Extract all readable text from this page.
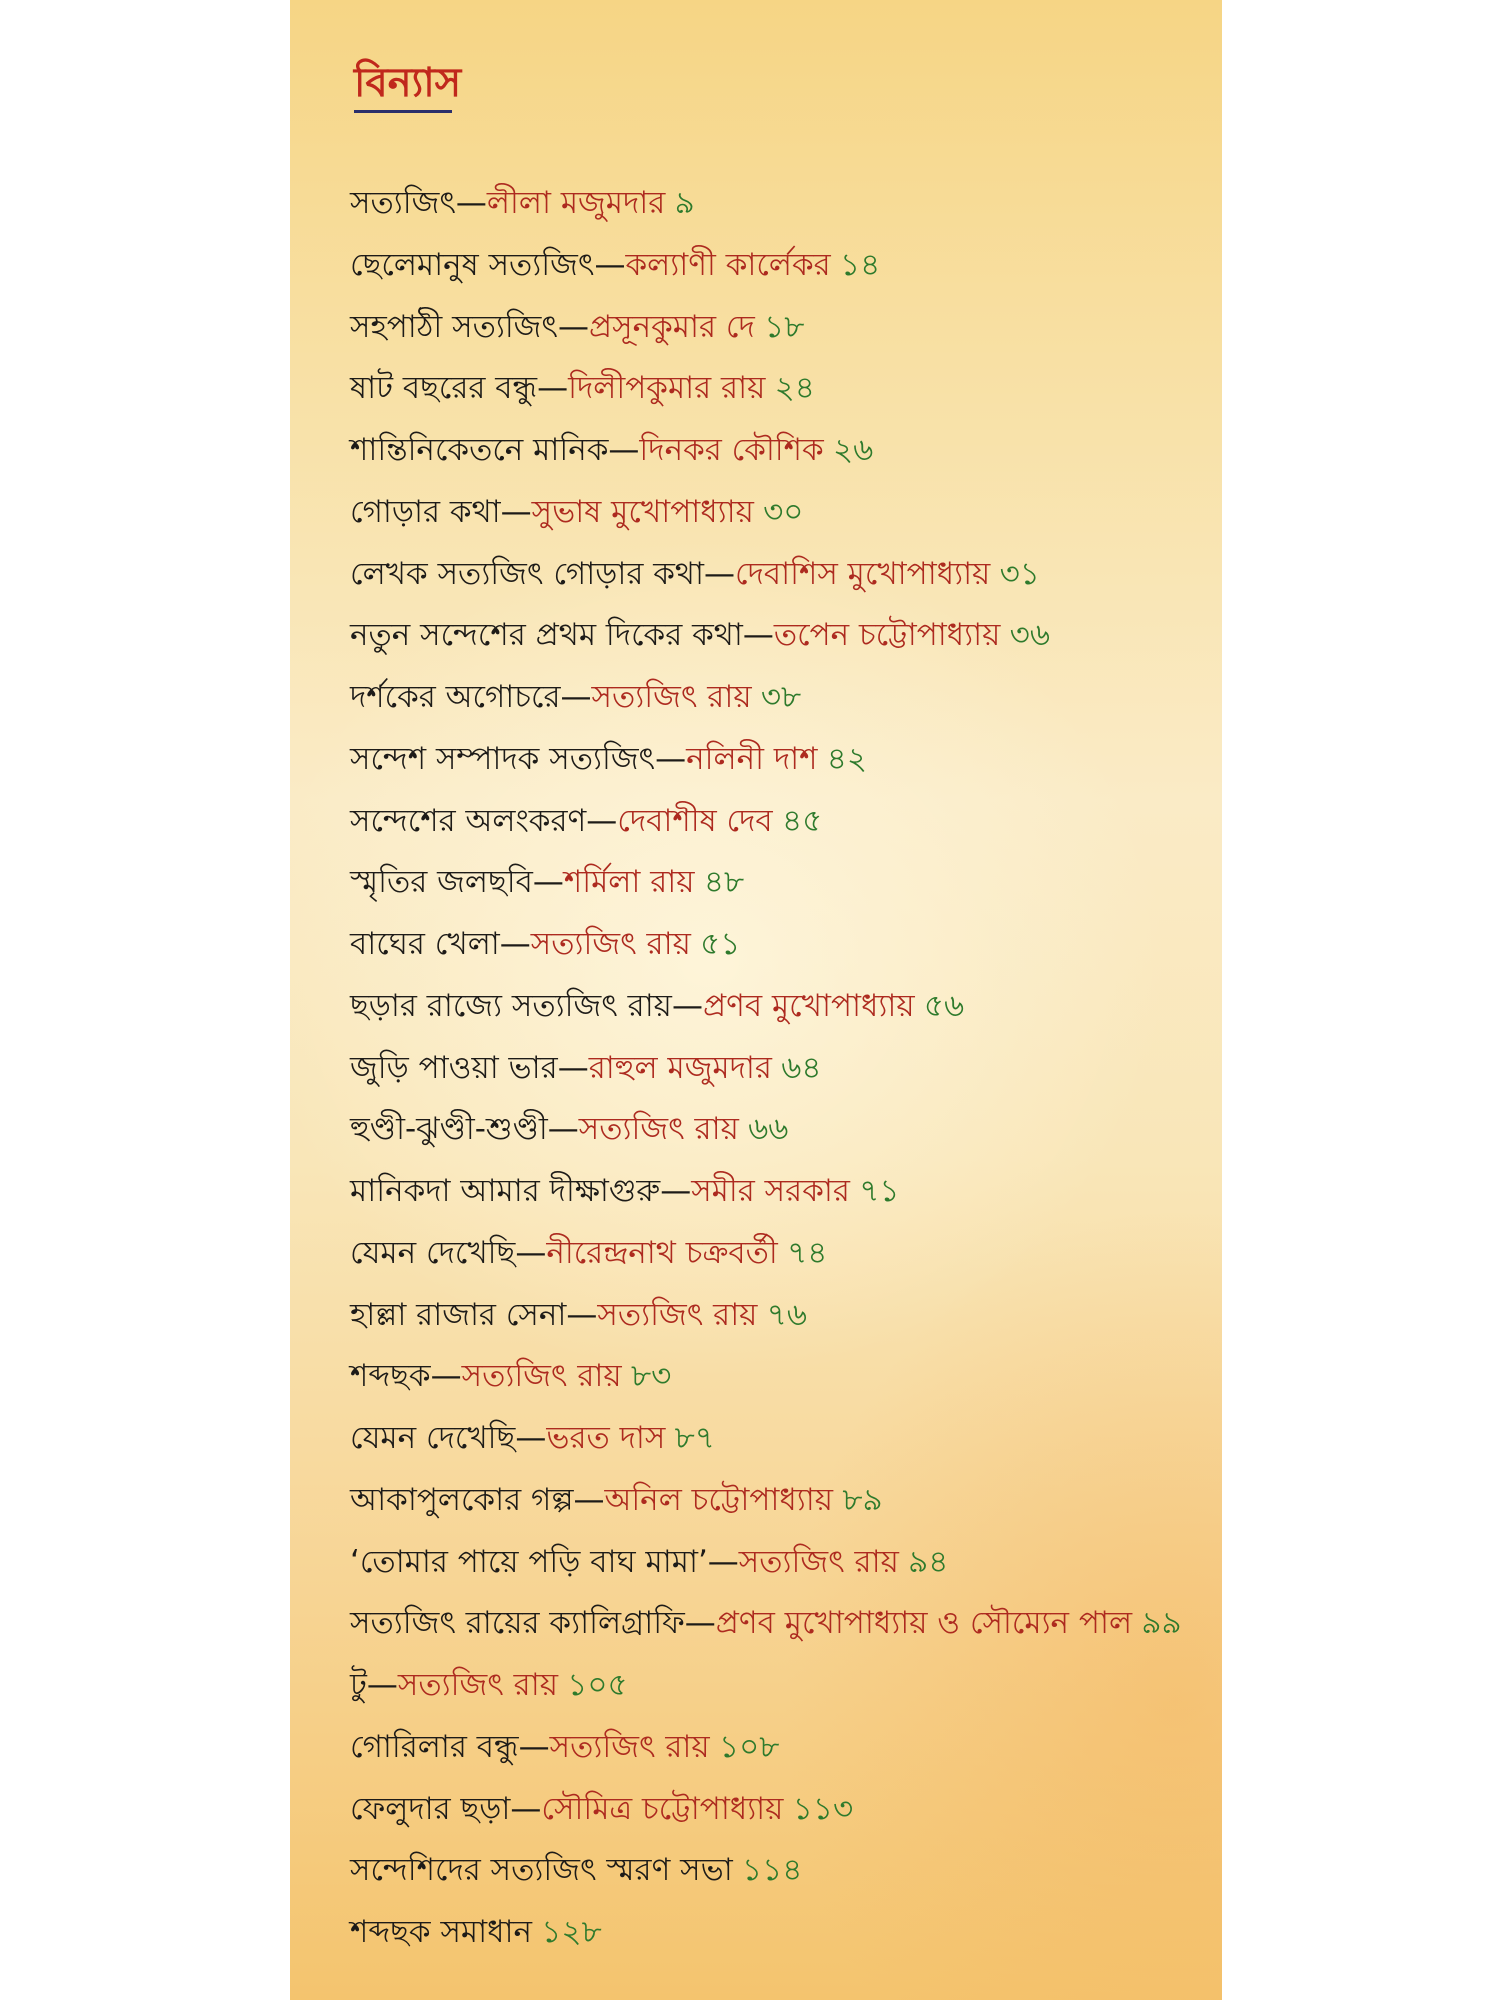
বিন্যাস
সত্যজিৎ—লীলা মজুমদার ৯
ছেলেমানুষ সত্যজিৎ—কল্যাণী কার্লেকর ১৪
সহপাঠী সত্যজিৎ—প্রসূনকুমার দে ১৮
ষাট বছরের বন্ধু—দিলীপকুমার রায় ২৪
শান্তিনিকেতনে মানিক—দিনকর কৌশিক ২৬
গোড়ার কথা—সুভাষ মুখোপাধ্যায় ৩০
লেখক সত্যজিৎ গোড়ার কথা—দেবাশিস মুখোপাধ্যায় ৩১
নতুন সন্দেশের প্রথম দিকের কথা—তপেন চট্টোপাধ্যায় ৩৬
দর্শকের অগোচরে—সত্যজিৎ রায় ৩৮
সন্দেশ সম্পাদক সত্যজিৎ—নলিনী দাশ ৪২
সন্দেশের অলংকরণ—দেবাশীষ দেব ৪৫
স্মৃতির জলছবি—শর্মিলা রায় ৪৮
বাঘের খেলা—সত্যজিৎ রায় ৫১
ছড়ার রাজ্যে সত্যজিৎ রায়—প্রণব মুখোপাধ্যায় ৫৬
জুড়ি পাওয়া ভার—রাহুল মজুমদার ৬৪
হুণ্ডী-ঝুণ্ডী-শুণ্ডী—সত্যজিৎ রায় ৬৬
মানিকদা আমার দীক্ষাগুরু—সমীর সরকার ৭১
যেমন দেখেছি—নীরেন্দ্রনাথ চক্রবর্তী ৭৪
হাল্লা রাজার সেনা—সত্যজিৎ রায় ৭৬
শব্দছক—সত্যজিৎ রায় ৮৩
যেমন দেখেছি—ভরত দাস ৮৭
আকাপুলকোর গল্প—অনিল চট্টোপাধ্যায় ৮৯
‘তোমার পায়ে পড়ি বাঘ মামা’—সত্যজিৎ রায় ৯৪
সত্যজিৎ রায়ের ক্যালিগ্রাফি—প্রণব মুখোপাধ্যায় ও সৌম্যেন পাল ৯৯
টু—সত্যজিৎ রায় ১০৫
গোরিলার বন্ধু—সত্যজিৎ রায় ১০৮
ফেলুদার ছড়া—সৌমিত্র চট্টোপাধ্যায় ১১৩
সন্দেশিদের সত্যজিৎ স্মরণ সভা ১১৪
শব্দছক সমাধান ১২৮
